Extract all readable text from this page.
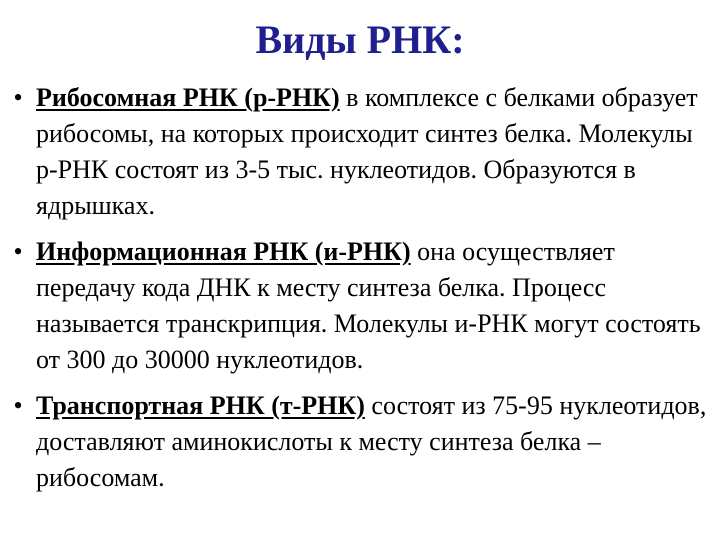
Виды РНК:
• Рибосомная РНК (р-РНК) в комплексе с белками образует рибосомы, на которых происходит синтез белка. Молекулы р-РНК состоят из 3-5 тыс. нуклеотидов. Образуются в ядрышках.
• Информационная РНК (и-РНК) она осуществляет передачу кода ДНК к месту синтеза белка. Процесс называется транскрипция. Молекулы и-РНК могут состоять от 300 до 30000 нуклеотидов.
• Транспортная РНК (т-РНК) состоят из 75-95 нуклеотидов, доставляют аминокислоты к месту синтеза белка – рибосомам.
